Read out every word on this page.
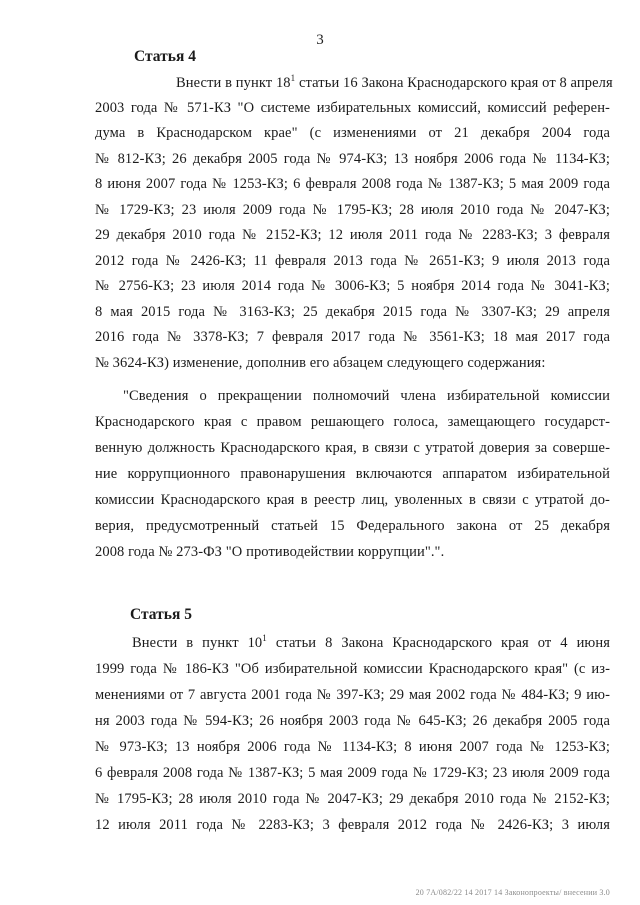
3
Статья 4
Внести в пункт $18^1$ статьи 16 Закона Краснодарского края от 8 апреля
2003 года № 571-КЗ "О системе избирательных комиссий, комиссий референ-
дума в Краснодарском крае" (с изменениями от 21 декабря 2004 года
№ 812-КЗ; 26 декабря 2005 года № 974-КЗ; 13 ноября 2006 года № 1134-КЗ;
8 июня 2007 года № 1253-КЗ; 6 февраля 2008 года № 1387-КЗ; 5 мая 2009 года
№ 1729-КЗ; 23 июля 2009 года № 1795-КЗ; 28 июля 2010 года № 2047-КЗ;
29 декабря 2010 года № 2152-КЗ; 12 июля 2011 года № 2283-КЗ; 3 февраля
2012 года № 2426-КЗ; 11 февраля 2013 года № 2651-КЗ; 9 июля 2013 года
№ 2756-КЗ; 23 июля 2014 года № 3006-КЗ; 5 ноября 2014 года № 3041-КЗ;
8 мая 2015 года № 3163-КЗ; 25 декабря 2015 года № 3307-КЗ; 29 апреля
2016 года № 3378-КЗ; 7 февраля 2017 года № 3561-КЗ; 18 мая 2017 года
№ 3624-КЗ) изменение, дополнив его абзацем следующего содержания:
"Сведения о прекращении полномочий члена избирательной комиссии
Краснодарского края с правом решающего голоса, замещающего государст-
венную должность Краснодарского края, в связи с утратой доверия за соверше-
ние коррупционного правонарушения включаются аппаратом избирательной
комиссии Краснодарского края в реестр лиц, уволенных в связи с утратой до-
верия, предусмотренный статьей 15 Федерального закона от 25 декабря
2008 года № 273-ФЗ "О противодействии коррупции".".
Статья 5
Внести в пункт $10^1$ статьи 8 Закона Краснодарского края от 4 июня
1999 года № 186-КЗ "Об избирательной комиссии Краснодарского края" (с из-
менениями от 7 августа 2001 года № 397-КЗ; 29 мая 2002 года № 484-КЗ; 9 ию-
ня 2003 года № 594-КЗ; 26 ноября 2003 года № 645-КЗ; 26 декабря 2005 года
№ 973-КЗ; 13 ноября 2006 года № 1134-КЗ; 8 июня 2007 года № 1253-КЗ;
6 февраля 2008 года № 1387-КЗ; 5 мая 2009 года № 1729-КЗ; 23 июля 2009 года
№ 1795-КЗ; 28 июля 2010 года № 2047-КЗ; 29 декабря 2010 года № 2152-КЗ;
12 июля 2011 года № 2283-КЗ; 3 февраля 2012 года № 2426-КЗ; 3 июля
20 7A/082/22 14 2017 14 Законопроекты/ внесении 3.0
